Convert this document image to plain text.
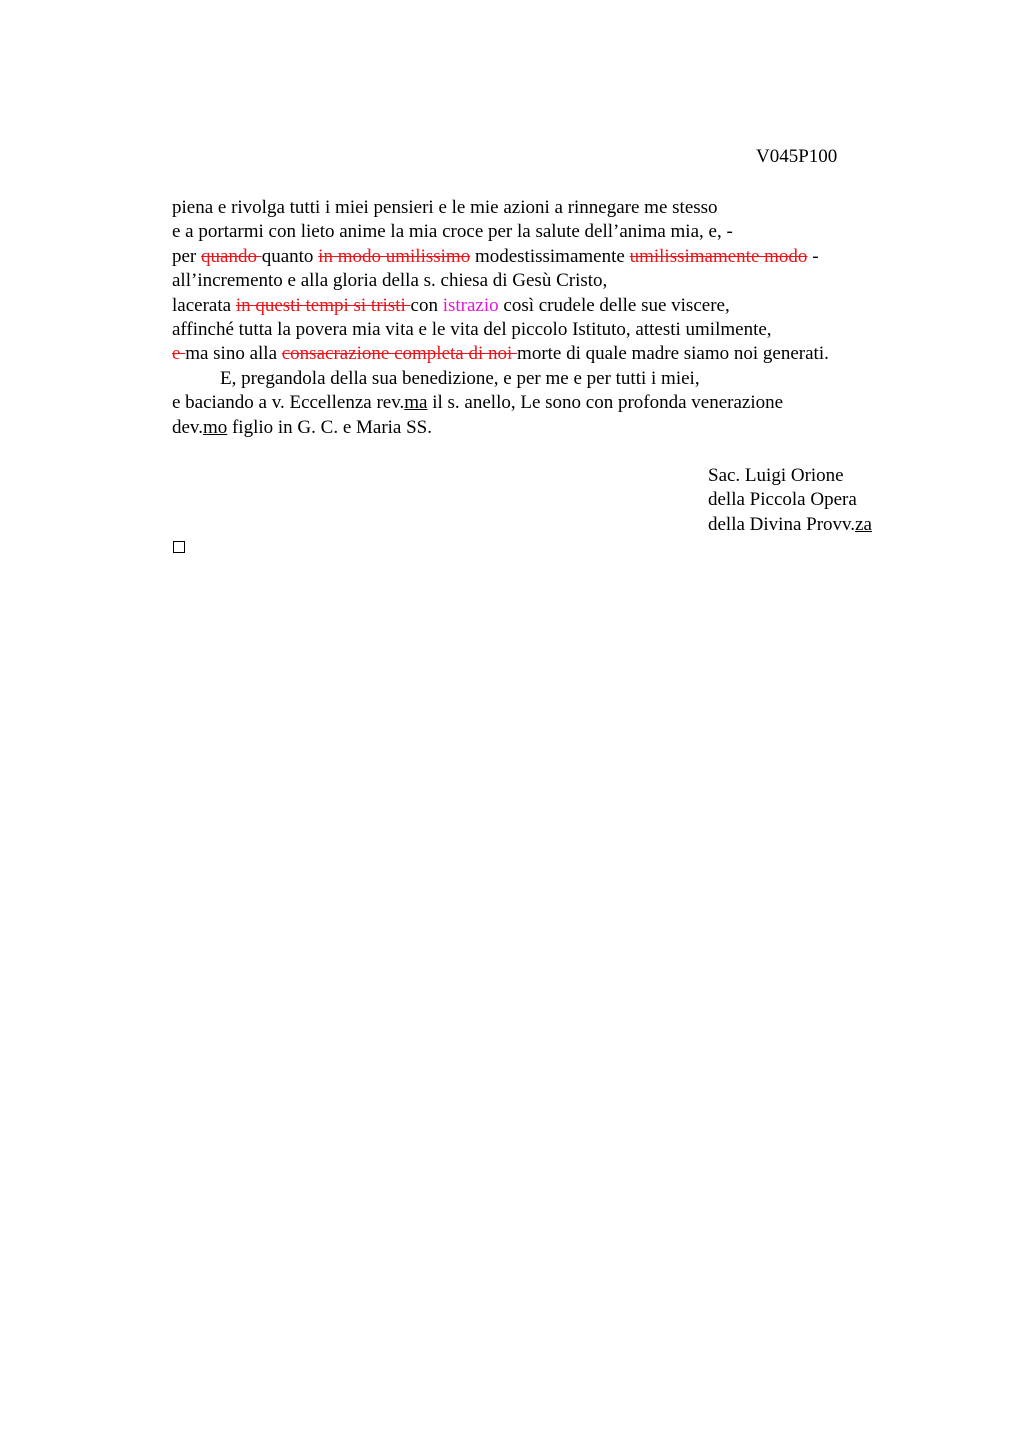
V045P100
piena e rivolga tutti i miei pensieri e le mie azioni a rinnegare me stesso
e a portarmi con lieto anime la mia croce per la salute dell’anima mia, e, -
per quando quanto in modo umilissimo modestissimamente umilissimamente modo -
all’incremento e alla gloria della s. chiesa di Gesù Cristo,
lacerata in questi tempi si tristi con istrazio così crudele delle sue viscere,
affinché tutta la povera mia vita e le vita del piccolo Istituto, attesti umilmente,
e ma sino alla consacrazione completa di noi morte di quale madre siamo noi generati.
E, pregandola della sua benedizione, e per me e per tutti i miei,
e baciando a v. Eccellenza rev.ma il s. anello, Le sono con profonda venerazione
dev.mo figlio in G. C. e Maria SS.
Sac. Luigi Orione
della Piccola Opera
della Divina Provv.za
